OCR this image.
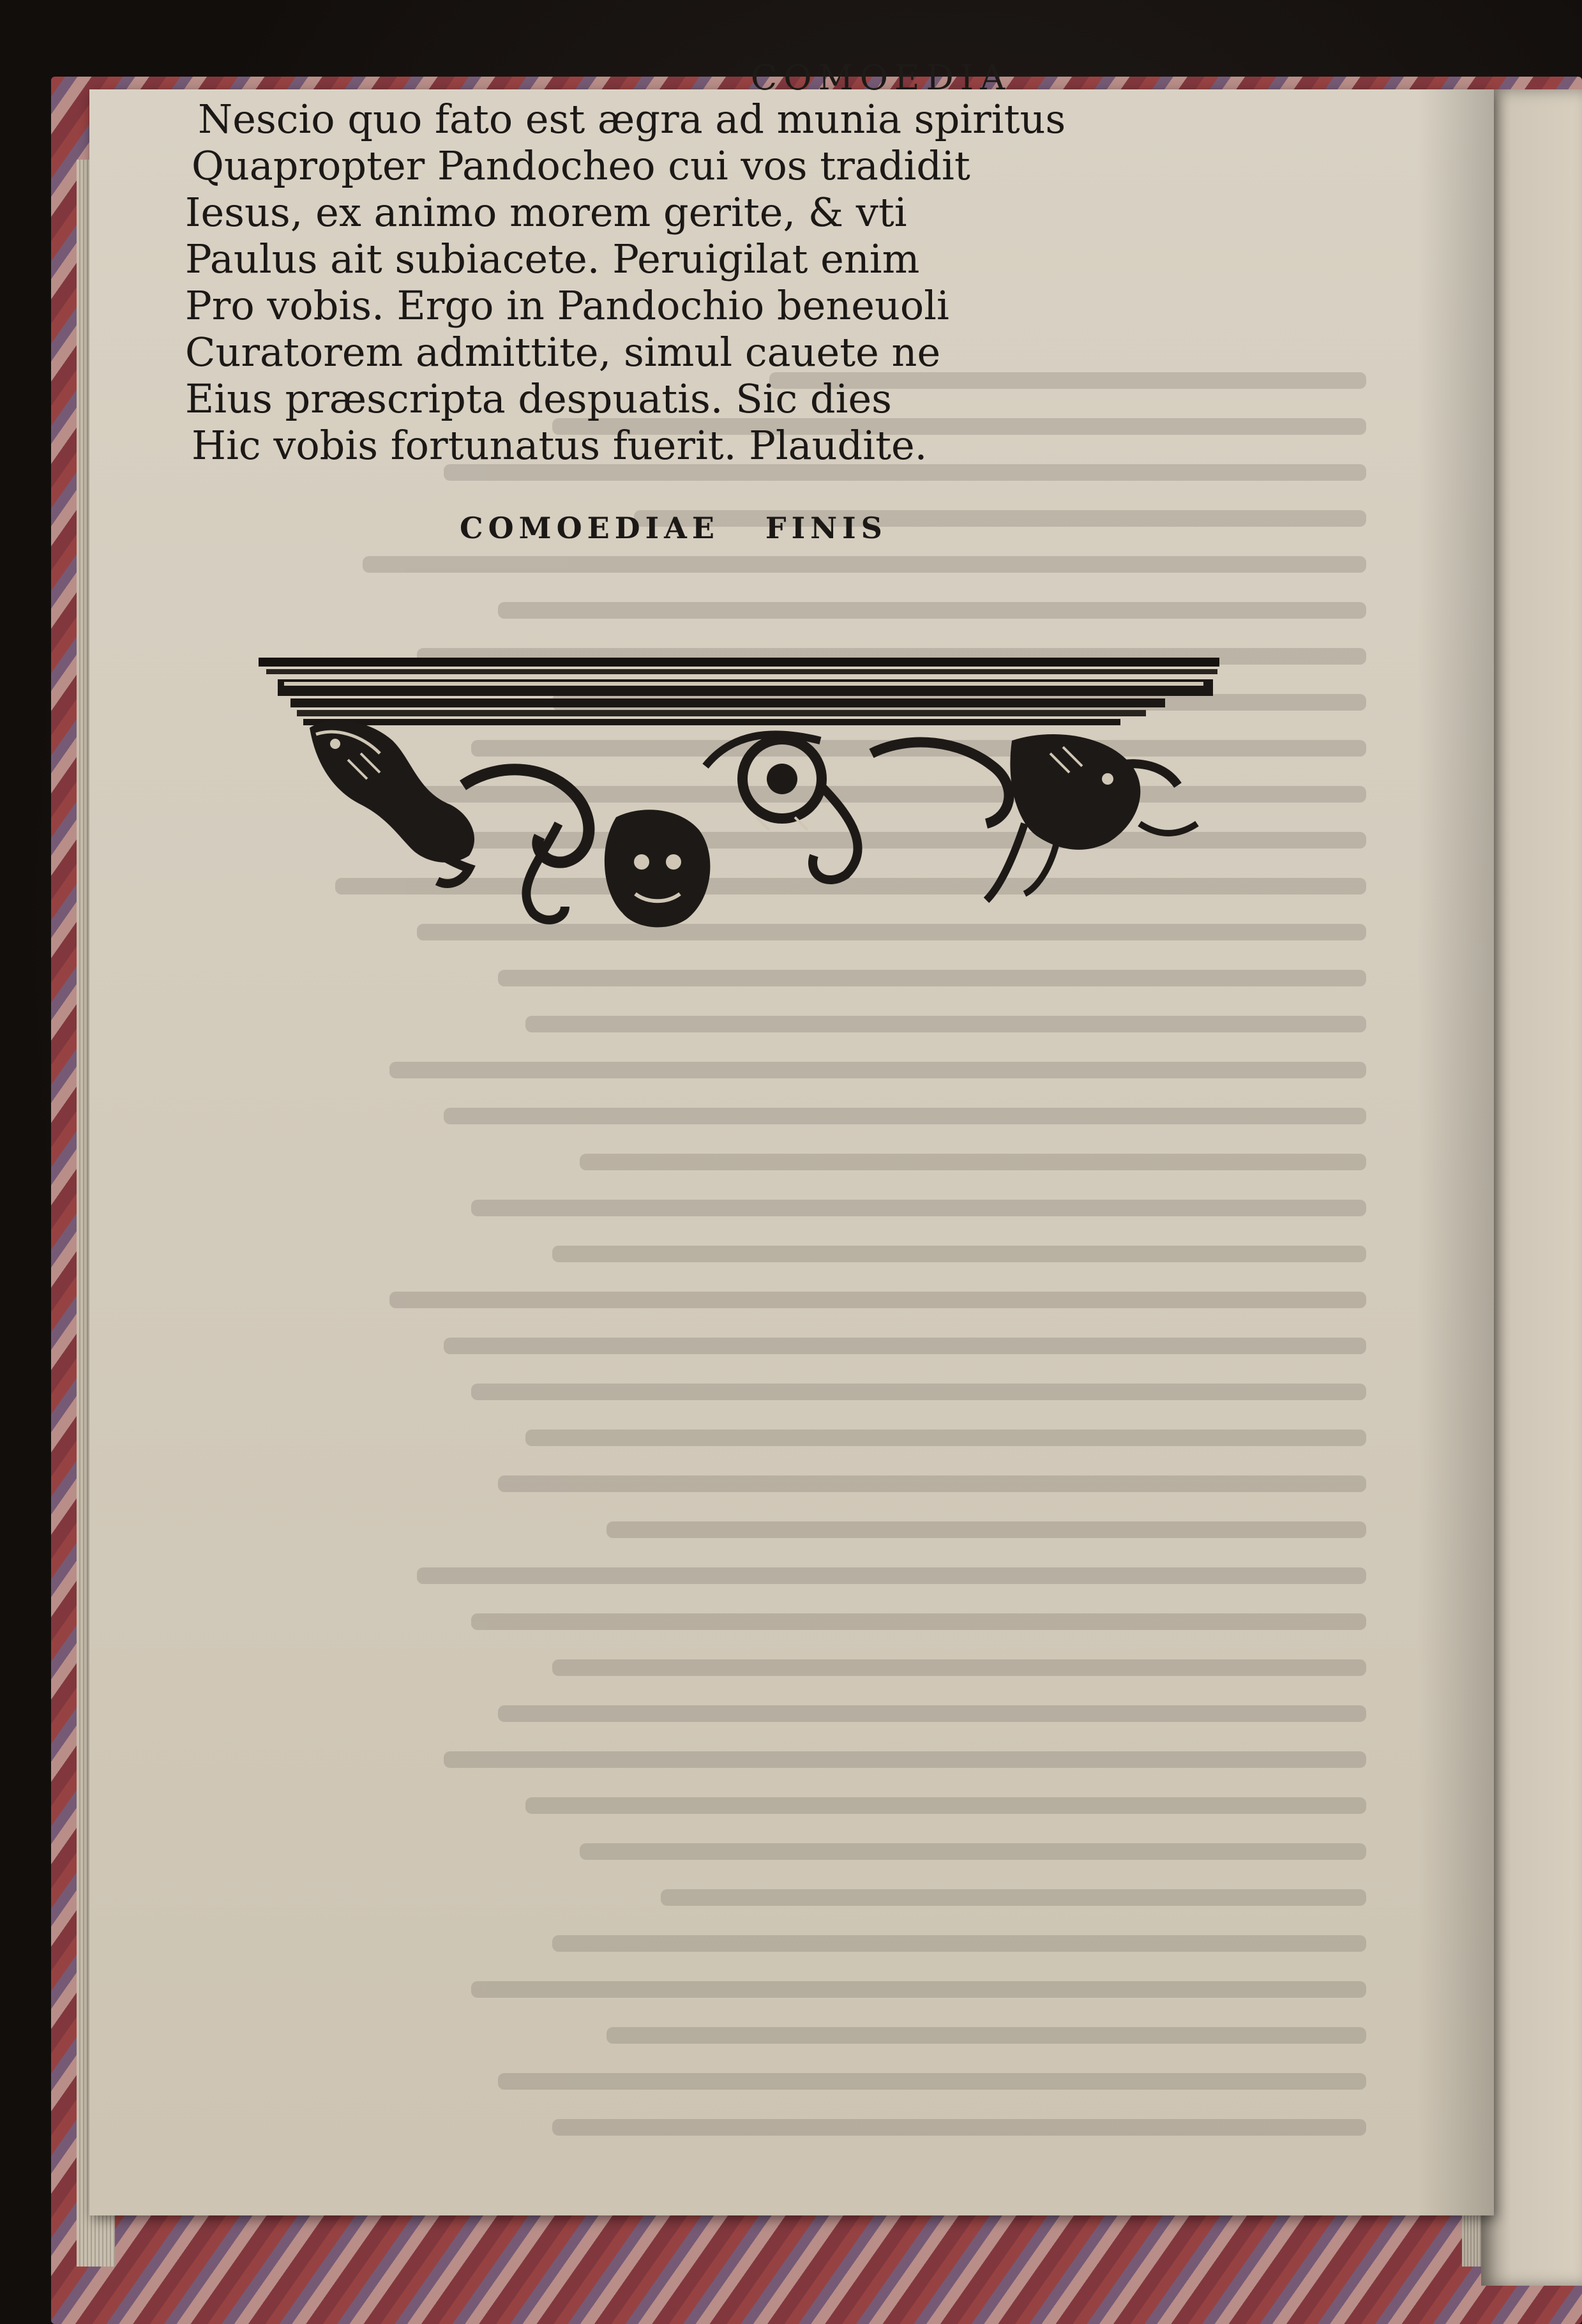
COMOEDIA
Nescio quo fato est ægra ad munia spiritus
Quapropter Pandocheo cui vos tradidit
Iesus, ex animo morem gerite, & vti
Paulus ait subiacete. Peruigilat enim
Pro vobis. Ergo in Pandochio beneuoli
Curatorem admittite, simul cauete ne
Eius præscripta despuatis. Sic dies
Hic vobis fortunatus fuerit. Plaudite.
COMOEDIAE   FINIS
